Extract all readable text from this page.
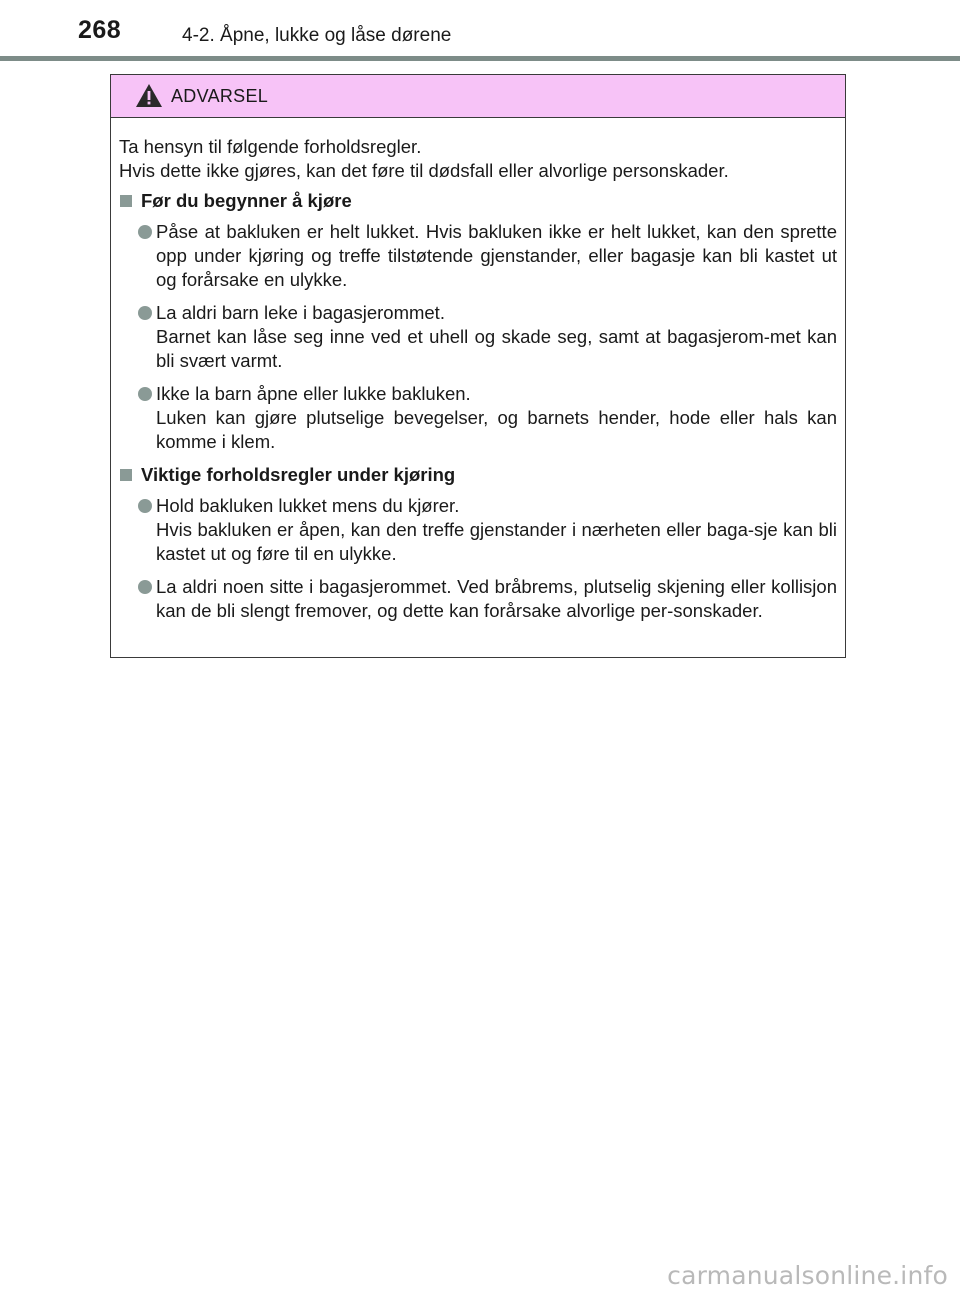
268	4-2. Åpne, lukke og låse dørene
ADVARSEL
Ta hensyn til følgende forholdsregler.
Hvis dette ikke gjøres, kan det føre til dødsfall eller alvorlige personskader.
Før du begynner å kjøre

Påse at bakluken er helt lukket. Hvis bakluken ikke er helt lukket, kan den sprette opp under kjøring og treffe tilstøtende gjenstander, eller bagasje kan bli kastet ut og forårsake en ulykke.

La aldri barn leke i bagasjerommet.

Barnet kan låse seg inne ved et uhell og skade seg, samt at bagasjerom-met kan bli svært varmt.

Ikke la barn åpne eller lukke bakluken.

Luken kan gjøre plutselige bevegelser, og barnets hender, hode eller hals kan komme i klem.

Viktige forholdsregler under kjøring

Hold bakluken lukket mens du kjører.

Hvis bakluken er åpen, kan den treffe gjenstander i nærheten eller baga-sje kan bli kastet ut og føre til en ulykke.

La aldri noen sitte i bagasjerommet. Ved bråbrems, plutselig skjening eller kollisjon kan de bli slengt fremover, og dette kan forårsake alvorlige per-sonskader.

carmanualsonline.info
